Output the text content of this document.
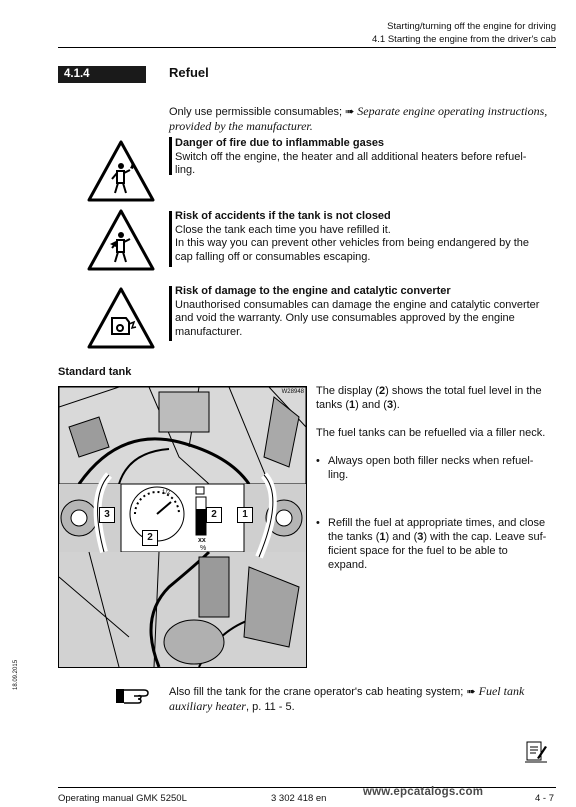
Starting/turning off the engine for driving
4.1 Starting the engine from the driver's cab
4.1.4	Refuel
Only use permissible consumables; ➠ Separate engine operating instructions,
provided by the manufacturer.
Danger of fire due to inflammable gases
Switch off the engine, the heater and all additional heaters before refuel-
ling.
Risk of accidents if the tank is not closed
Close the tank each time you have refilled it.
In this way you can prevent other vehicles from being endangered by the
cap falling off or consumables escaping.
Risk of damage to the engine and catalytic converter
Unauthorised consumables can damage the engine and catalytic converter
and void the warranty. Only use consumables approved by the engine
manufacturer.
Standard tank
W28948
3
2
2	1
1/2
xx
%
The display (2) shows the total fuel level in the
tanks (1) and (3).
The fuel tanks can be refuelled via a filler neck.
• Always open both filler necks when refuel-
ling.
• Refill the fuel at appropriate times, and close
the tanks (1) and (3) with the cap. Leave suf-
ficient space for the fuel to be able to
expand.
Also fill the tank for the crane operator's cab heating system; ➠ Fuel tank
auxiliary heater, p. 11 - 5.
18.09.2015
Operating manual GMK 5250L	3 302 418 en
www.epcatalogs.com
4 - 7
